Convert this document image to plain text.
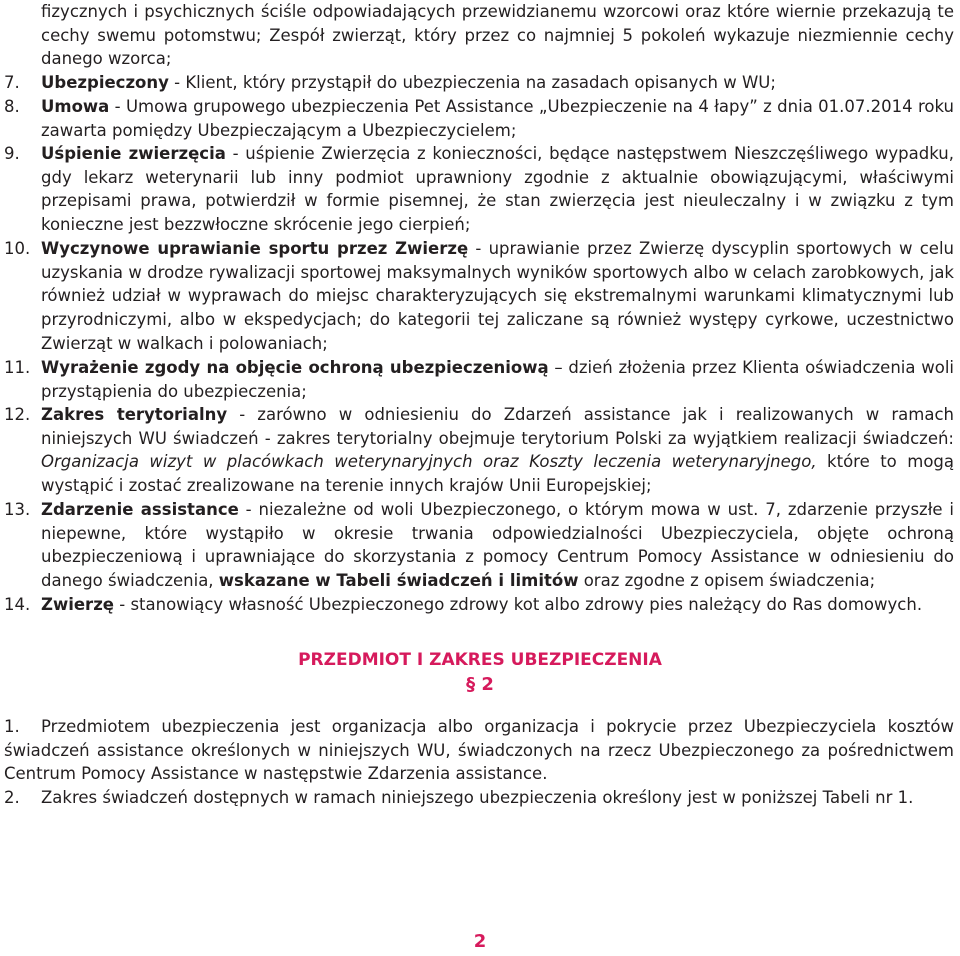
fizycznych i psychicznych ściśle odpowiadających przewidzianemu wzorcowi oraz które wiernie przekazują te cechy swemu potomstwu; Zespół zwierząt, który przez co najmniej 5 pokoleń wykazuje niezmiennie cechy danego wzorca;
7. Ubezpieczony - Klient, który przystąpił do ubezpieczenia na zasadach opisanych w WU;
8. Umowa - Umowa grupowego ubezpieczenia Pet Assistance „Ubezpieczenie na 4 łapy” z dnia 01.07.2014 roku zawarta pomiędzy Ubezpieczającym a Ubezpieczycielem;
9. Uśpienie zwierzęcia - uśpienie Zwierzęcia z konieczności, będące następstwem Nieszczęśliwego wypadku, gdy lekarz weterynarii lub inny podmiot uprawniony zgodnie z aktualnie obowiązującymi, właściwymi przepisami prawa, potwierdził w formie pisemnej, że stan zwierzęcia jest nieuleczalny i w związku z tym konieczne jest bezzwłoczne skrócenie jego cierpień;
10. Wyczynowe uprawianie sportu przez Zwierzę - uprawianie przez Zwierzę dyscyplin sportowych w celu uzyskania w drodze rywalizacji sportowej maksymalnych wyników sportowych albo w celach zarobkowych, jak również udział w wyprawach do miejsc charakteryzujących się ekstremalnymi warunkami klimatycznymi lub przyrodniczymi, albo w ekspedycjach; do kategorii tej zaliczane są również występy cyrkowe, uczestnictwo Zwierząt w walkach i polowaniach;
11. Wyrażenie zgody na objęcie ochroną ubezpieczeniową – dzień złożenia przez Klienta oświadczenia woli przystąpienia do ubezpieczenia;
12. Zakres terytorialny - zarówno w odniesieniu do Zdarzeń assistance jak i realizowanych w ramach niniejszych WU świadczeń - zakres terytorialny obejmuje terytorium Polski za wyjątkiem realizacji świadczeń: Organizacja wizyt w placówkach weterynaryjnych oraz Koszty leczenia weterynaryjnego, które to mogą wystąpić i zostać zrealizowane na terenie innych krajów Unii Europejskiej;
13. Zdarzenie assistance - niezależne od woli Ubezpieczonego, o którym mowa w ust. 7, zdarzenie przyszłe i niepewne, które wystąpiło w okresie trwania odpowiedzialności Ubezpieczyciela, objęte ochroną ubezpieczeniową i uprawniające do skorzystania z pomocy Centrum Pomocy Assistance w odniesieniu do danego świadczenia, wskazane w Tabeli świadczeń i limitów oraz zgodne z opisem świadczenia;
14. Zwierzę - stanowiący własność Ubezpieczonego zdrowy kot albo zdrowy pies należący do Ras domowych.
PRZEDMIOT I ZAKRES UBEZPIECZENIA
§ 2
1.	Przedmiotem ubezpieczenia jest organizacja albo organizacja i pokrycie przez Ubezpieczyciela kosztów świadczeń assistance określonych w niniejszych WU, świadczonych na rzecz Ubezpieczonego za pośrednictwem Centrum Pomocy Assistance w następstwie Zdarzenia assistance.
2.	Zakres świadczeń dostępnych w ramach niniejszego ubezpieczenia określony jest w poniższej Tabeli nr 1.
2
